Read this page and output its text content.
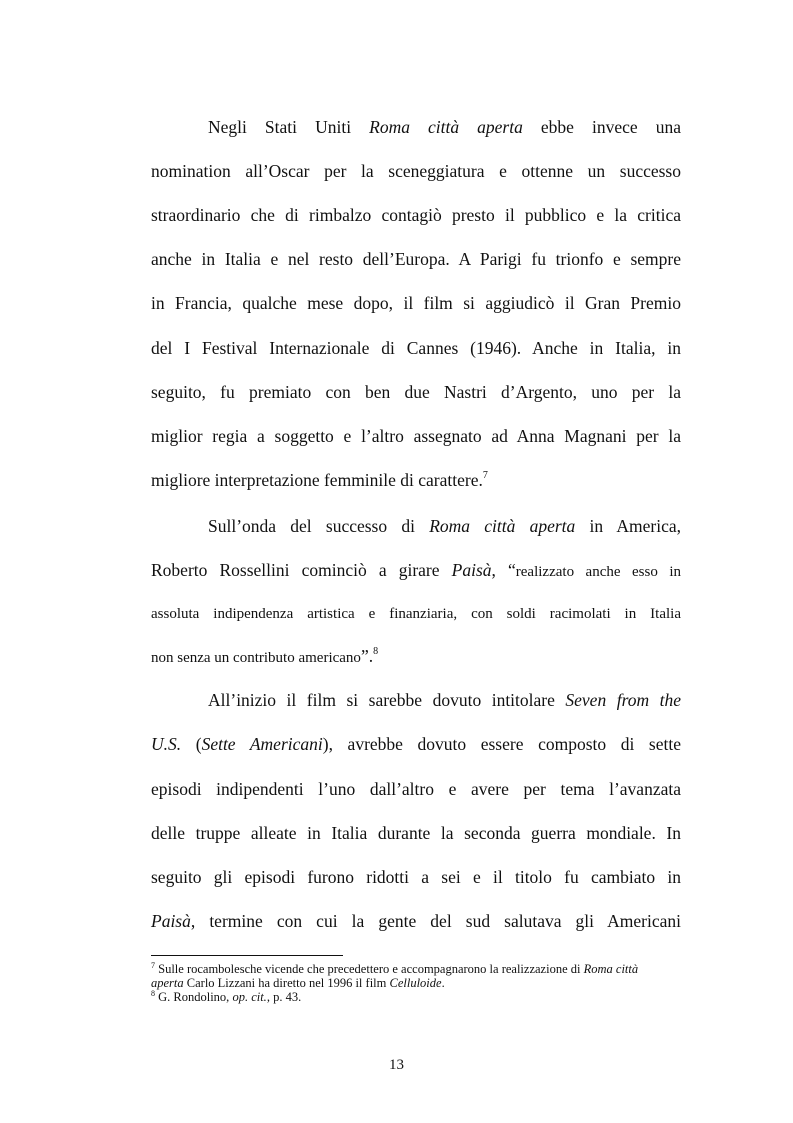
Negli Stati Uniti Roma città aperta ebbe invece una
nomination all’Oscar per la sceneggiatura e ottenne un successo
straordinario che di rimbalzo contagiò presto il pubblico e la critica
anche in Italia e nel resto dell’Europa. A Parigi fu trionfo e sempre
in Francia, qualche mese dopo, il film si aggiudicò il Gran Premio
del I Festival Internazionale di Cannes (1946). Anche in Italia, in
seguito, fu premiato con ben due Nastri d’Argento, uno per la
miglior regia a soggetto e l’altro assegnato ad Anna Magnani per la
migliore interpretazione femminile di carattere.$^7$
Sull’onda del successo di Roma città aperta in America,
Roberto Rossellini cominciò a girare Paisà, “realizzato anche esso in
assoluta indipendenza artistica e finanziaria, con soldi racimolati in Italia
non senza un contributo americano”.$^8$
All’inizio il film si sarebbe dovuto intitolare Seven from the
U.S. (Sette Americani), avrebbe dovuto essere composto di sette
episodi indipendenti l’uno dall’altro e avere per tema l’avanzata
delle truppe alleate in Italia durante la seconda guerra mondiale. In
seguito gli episodi furono ridotti a sei e il titolo fu cambiato in
Paisà, termine con cui la gente del sud salutava gli Americani
$^7$ Sulle rocambolesche vicende che precedettero e accompagnarono la realizzazione di Roma città
aperta Carlo Lizzani ha diretto nel 1996 il film Celluloide.
$^8$ G. Rondolino, op. cit., p. 43.
13
